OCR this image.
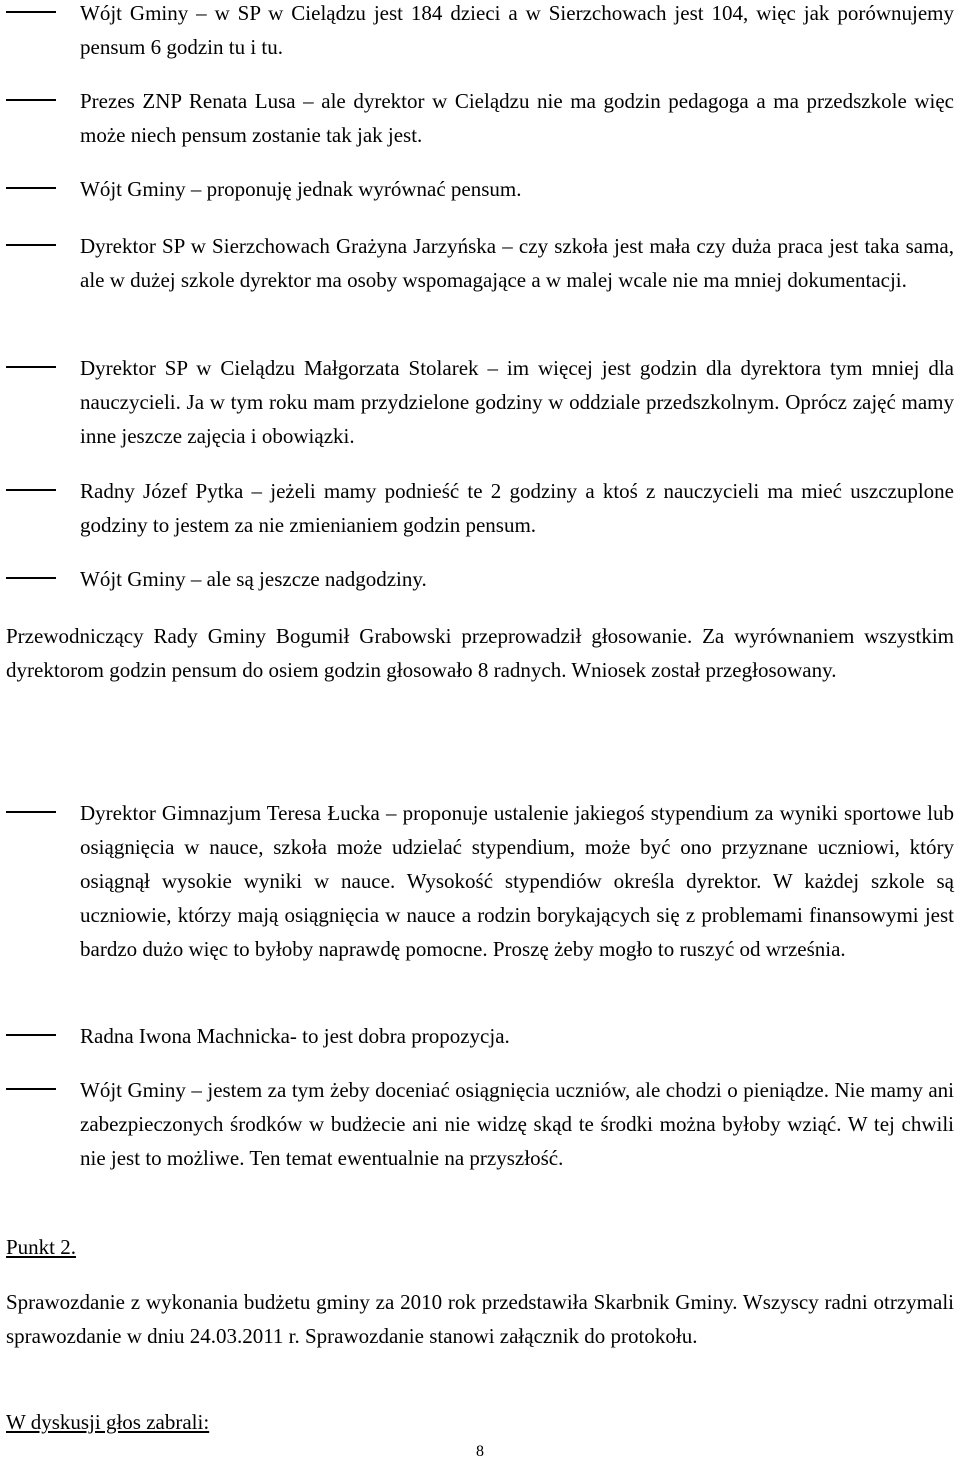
Wójt Gminy – w SP w Cielądzu jest 184 dzieci a w Sierzchowach jest 104, więc jak porównujemy pensum 6 godzin tu i tu.
Prezes ZNP Renata Lusa – ale dyrektor w Cielądzu nie ma godzin pedagoga a ma przedszkole więc może niech pensum zostanie tak jak jest.
Wójt Gminy – proponuję jednak wyrównać pensum.
Dyrektor SP w Sierzchowach Grażyna Jarzyńska – czy szkoła jest mała czy duża praca jest taka sama, ale w dużej szkole dyrektor ma osoby wspomagające a w malej wcale nie ma mniej dokumentacji.
Dyrektor SP w Cielądzu Małgorzata Stolarek – im więcej jest godzin dla dyrektora tym mniej dla nauczycieli. Ja w tym roku mam przydzielone godziny w oddziale przedszkolnym. Oprócz zajęć mamy inne jeszcze zajęcia i obowiązki.
Radny Józef Pytka – jeżeli mamy podnieść te 2 godziny a ktoś z nauczycieli ma mieć uszczuplone godziny to jestem za nie zmienianiem godzin pensum.
Wójt Gminy – ale są jeszcze nadgodziny.
Przewodniczący Rady Gminy Bogumił Grabowski przeprowadził głosowanie. Za wyrównaniem wszystkim dyrektorom godzin pensum do osiem godzin głosowało 8 radnych. Wniosek został przegłosowany.
Dyrektor Gimnazjum Teresa Łucka – proponuje ustalenie jakiegoś stypendium za wyniki sportowe lub osiągnięcia w nauce, szkoła może udzielać stypendium, może być ono przyznane uczniowi, który osiągnął wysokie wyniki w nauce. Wysokość stypendiów określa dyrektor. W każdej szkole są uczniowie, którzy mają osiągnięcia w nauce a rodzin borykających się z problemami finansowymi jest bardzo dużo więc to byłoby naprawdę pomocne. Proszę żeby mogło to ruszyć od września.
Radna Iwona Machnicka- to jest dobra propozycja.
Wójt Gminy – jestem za tym żeby doceniać osiągnięcia uczniów, ale chodzi o pieniądze. Nie mamy ani zabezpieczonych środków w budżecie ani nie widzę skąd te środki można byłoby wziąć. W tej chwili nie jest to możliwe. Ten temat ewentualnie na przyszłość.
Punkt 2.
Sprawozdanie z wykonania budżetu gminy za 2010 rok przedstawiła Skarbnik Gminy. Wszyscy radni otrzymali sprawozdanie w dniu 24.03.2011 r. Sprawozdanie stanowi załącznik do protokołu.
W dyskusji głos zabrali:
8
